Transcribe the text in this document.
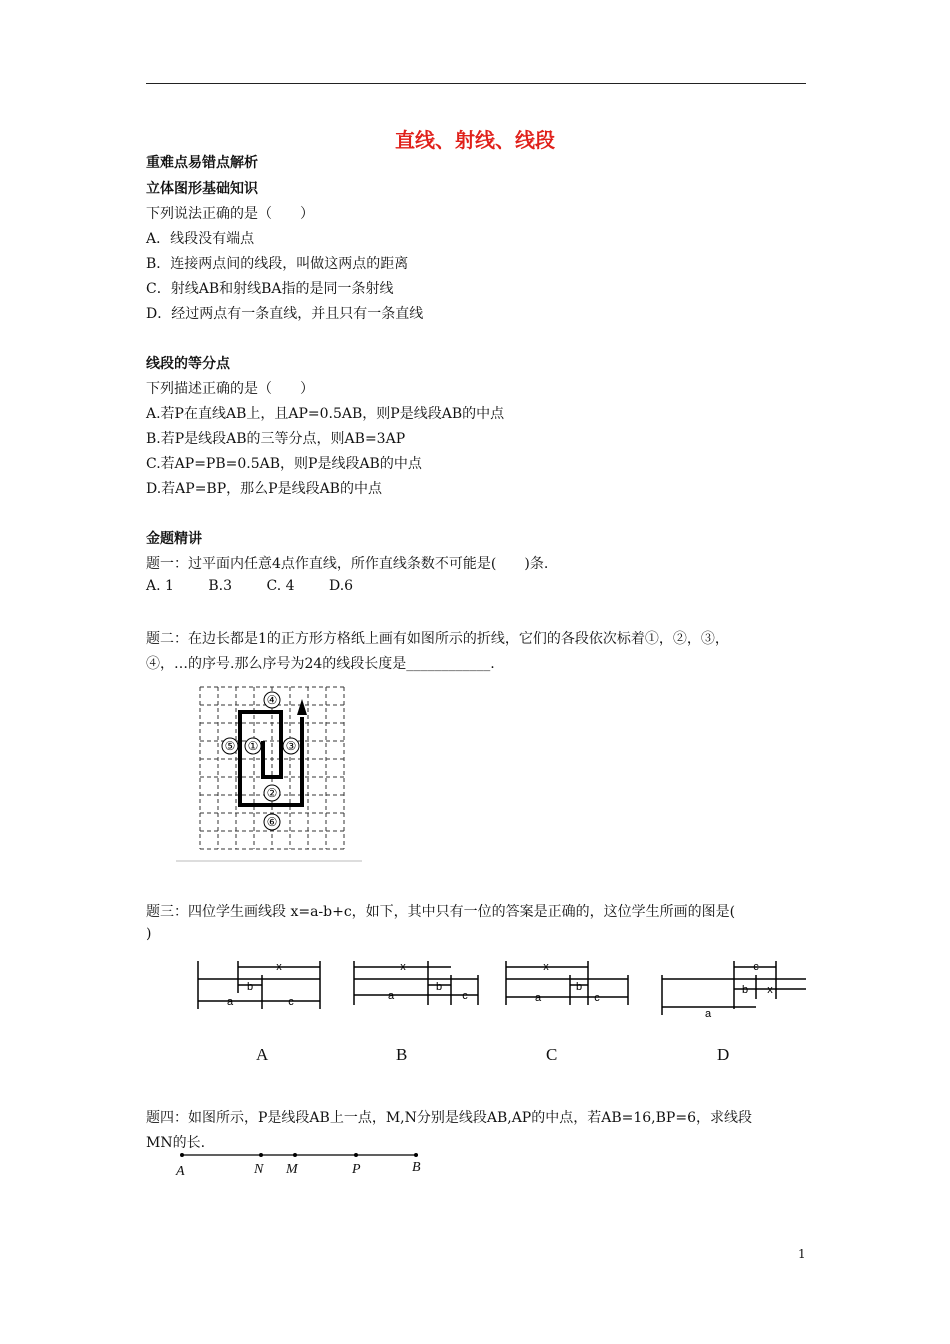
直线、射线、线段
重难点易错点解析
立体图形基础知识
下列说法正确的是（　　）
A．线段没有端点
B．连接两点间的线段，叫做这两点的距离
C．射线AB和射线BA指的是同一条射线
D．经过两点有一条直线，并且只有一条直线
线段的等分点
下列描述正确的是（　　）
A.若P在直线AB上，且AP=0.5AB，则P是线段AB的中点
B.若P是线段AB的三等分点，则AB=3AP
C.若AP=PB=0.5AB，则P是线段AB的中点
D.若AP=BP，那么P是线段AB的中点
金题精讲
题一：过平面内任意4点作直线，所作直线条数不可能是(　　)条.
A. 1 B.3 C. 4 D.6
题二：在边长都是1的正方形方格纸上画有如图所示的折线，它们的各段依次标着①，②，③，
④，…的序号.那么序号为24的线段长度是____________.
④
⑤ ① ③
②
⑥
题三：四位学生画线段 x=a-b+c，如下，其中只有一位的答案是正确的，这位学生所画的图是(
)
x
b
a	c
x
b
a	c
x
b
a	c
c
b x
a
A	B	C	D
题四：如图所示，P是线段AB上一点，M,N分别是线段AB,AP的中点，若AB=16,BP=6，求线段
MN的长.
A	N M	P	B
1
